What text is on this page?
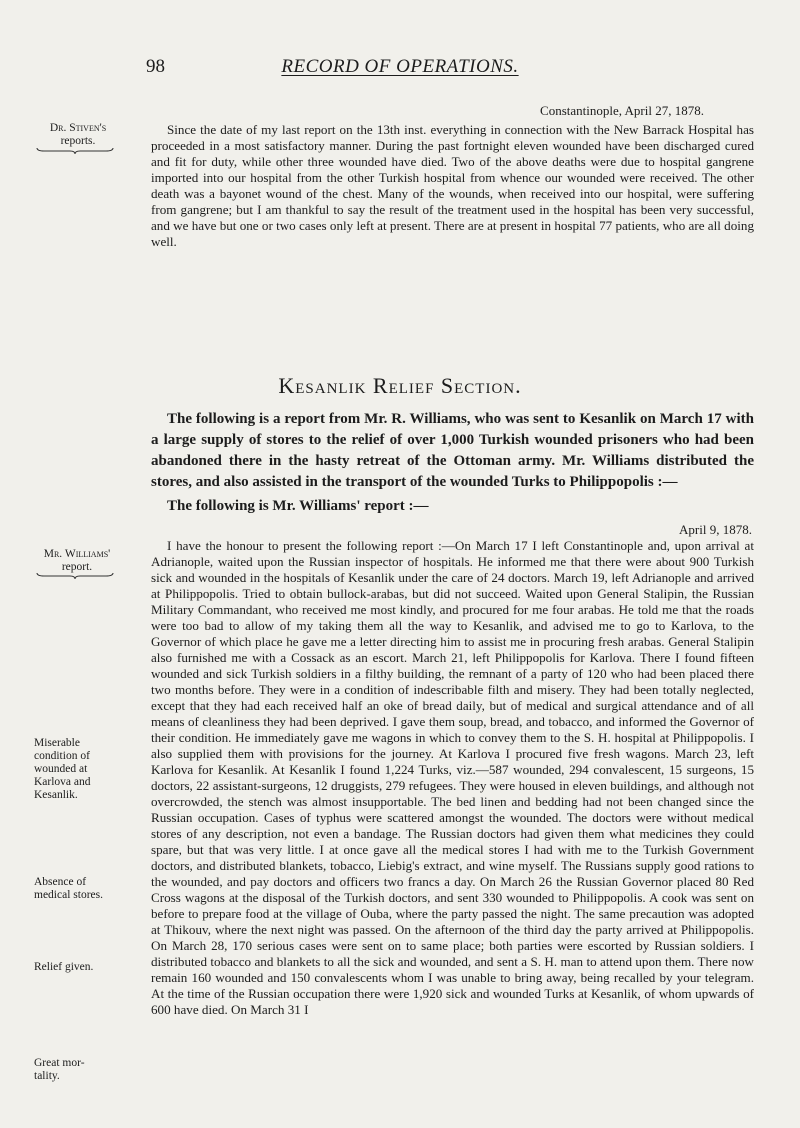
98	RECORD OF OPERATIONS.
Constantinople, April 27, 1878.
Dr. Stiven's
reports.

Since the date of my last report on the 13th inst. everything in connection with the New Barrack Hospital has proceeded in a most satisfactory manner. During the past fortnight eleven wounded have been discharged cured and fit for duty, while other three wounded have died. Two of the above deaths were due to hospital gangrene imported into our hospital from the other Turkish hospital from whence our wounded were received. The other death was a bayonet wound of the chest. Many of the wounds, when received into our hospital, were suffering from gangrene; but I am thankful to say the result of the treatment used in the hospital has been very successful, and we have but one or two cases only left at present. There are at present in hospital 77 patients, who are all doing well.

Kesanlik Relief Section.

The following is a report from Mr. R. Williams, who was sent to Kesanlik on March 17 with a large supply of stores to the relief of over 1,000 Turkish wounded prisoners who had been abandoned there in the hasty retreat of the Ottoman army. Mr. Williams distributed the stores, and also assisted in the transport of the wounded Turks to Philippopolis :—

The following is Mr. Williams' report :—

April 9, 1878.
Mr. Williams'
report.

I have the honour to present the following report :—On March 17 I left Constantinople and, upon arrival at Adrianople, waited upon the Russian inspector of hospitals. He informed me that there were about 900 Turkish sick and wounded in the hospitals of Kesanlik under the care of 24 doctors. March 19, left Adrianople and arrived at Philippopolis. Tried to obtain bullock-arabas, but did not succeed. Waited upon General Stalipin, the Russian Military Commandant, who received me most kindly, and procured for me four arabas. He told me that the roads were too bad to allow of my taking them all the way to Kesanlik, and advised me to go to Karlova, to the Governor of which place he gave me a letter directing him to assist me in procuring fresh arabas. General Stalipin also furnished me with a Cossack as an escort. March 21, left Philippopolis for Karlova. There I found fifteen wounded and sick Turkish soldiers in a filthy building, the remnant of a party of 120 who had been placed there two months before. They were in a condition of indescribable filth and misery. They had been totally neglected, except that they had each received half an oke of bread daily, but of medical and surgical attendance and of all means of cleanliness they had been deprived. I gave them soup, bread, and tobacco, and informed the Governor of their condition. He immediately gave me wagons in which to convey them to the S. H. hospital at Philippopolis. I also supplied them with provisions for the journey. At Karlova I procured five fresh wagons. March 23, left Karlova for Kesanlik. At Kesanlik I found 1,224 Turks, viz.—587 wounded, 294 convalescent, 15 surgeons, 15 doctors, 22 assistant-surgeons, 12 druggists, 279 refugees. They were housed in eleven buildings, and although not overcrowded, the stench was almost insupportable. The bed linen and bedding had not been changed since the Russian occupation. Cases of typhus were scattered amongst the wounded. The doctors were without medical stores of any description, not even a bandage. The Russian doctors had given them what medicines they could spare, but that was very little. I at once gave all the medical stores I had with me to the Turkish Government doctors, and distributed blankets, tobacco, Liebig's extract, and wine myself. The Russians supply good rations to the wounded, and pay doctors and officers two francs a day. On March 26 the Russian Governor placed 80 Red Cross wagons at the disposal of the Turkish doctors, and sent 330 wounded to Philippopolis. A cook was sent on before to prepare food at the village of Ouba, where the party passed the night. The same precaution was adopted at Thikouv, where the next night was passed. On the afternoon of the third day the party arrived at Philippopolis. On March 28, 170 serious cases were sent on to same place; both parties were escorted by Russian soldiers. I distributed tobacco and blankets to all the sick and wounded, and sent a S. H. man to attend upon them. There now remain 160 wounded and 150 convalescents whom I was unable to bring away, being recalled by your telegram. At the time of the Russian occupation there were 1,920 sick and wounded Turks at Kesanlik, of whom upwards of 600 have died. On March 31 I

Miserable
condition of
wounded at
Karlova and
Kesanlik.
Absence of
medical stores.
Relief given.
Great mor-
tality.
